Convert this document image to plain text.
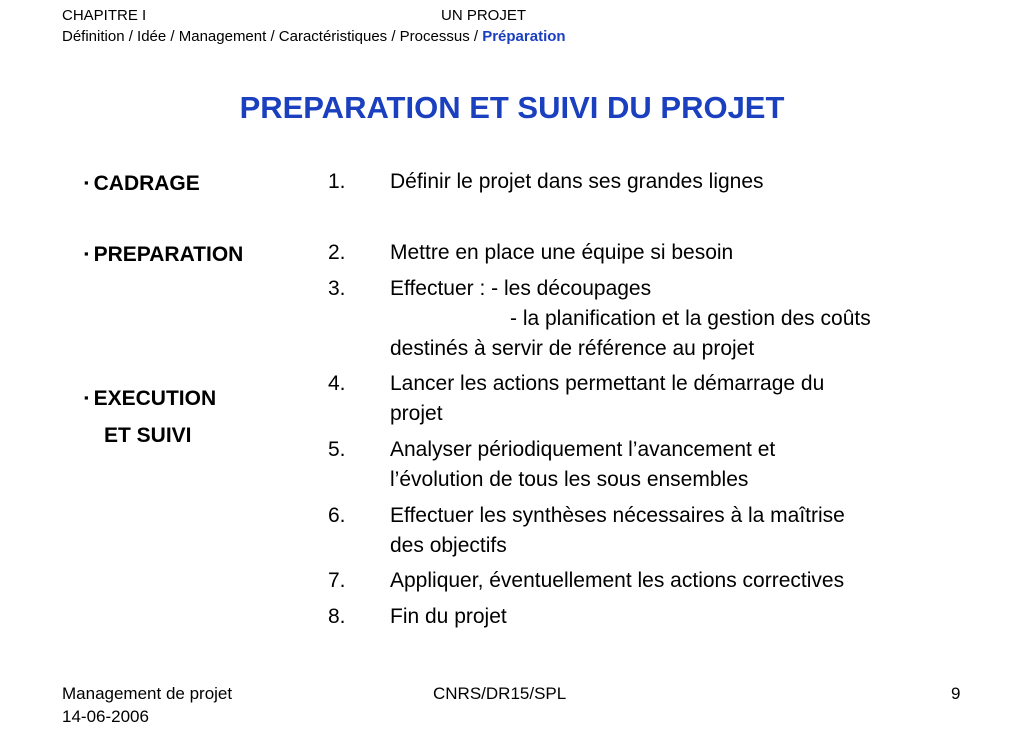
CHAPITRE I	UN PROJET
Définition / Idée / Management / Caractéristiques / Processus / Préparation
PREPARATION ET SUIVI DU PROJET
▪ CADRAGE
▪ PREPARATION
▪ EXECUTION
ET SUIVI
1. Définir le projet dans ses grandes lignes
2. Mettre en place une équipe si besoin
3. Effectuer : - les découpages
- la planification et la gestion des coûts
destinés à servir de référence au projet
4. Lancer les actions permettant le démarrage du
projet
5. Analyser périodiquement l’avancement et
l’évolution de tous les sous ensembles
6. Effectuer les synthèses nécessaires à la maîtrise
des objectifs
7. Appliquer, éventuellement les actions correctives
8. Fin du projet
Management de projet
14-06-2006
CNRS/DR15/SPL	9
